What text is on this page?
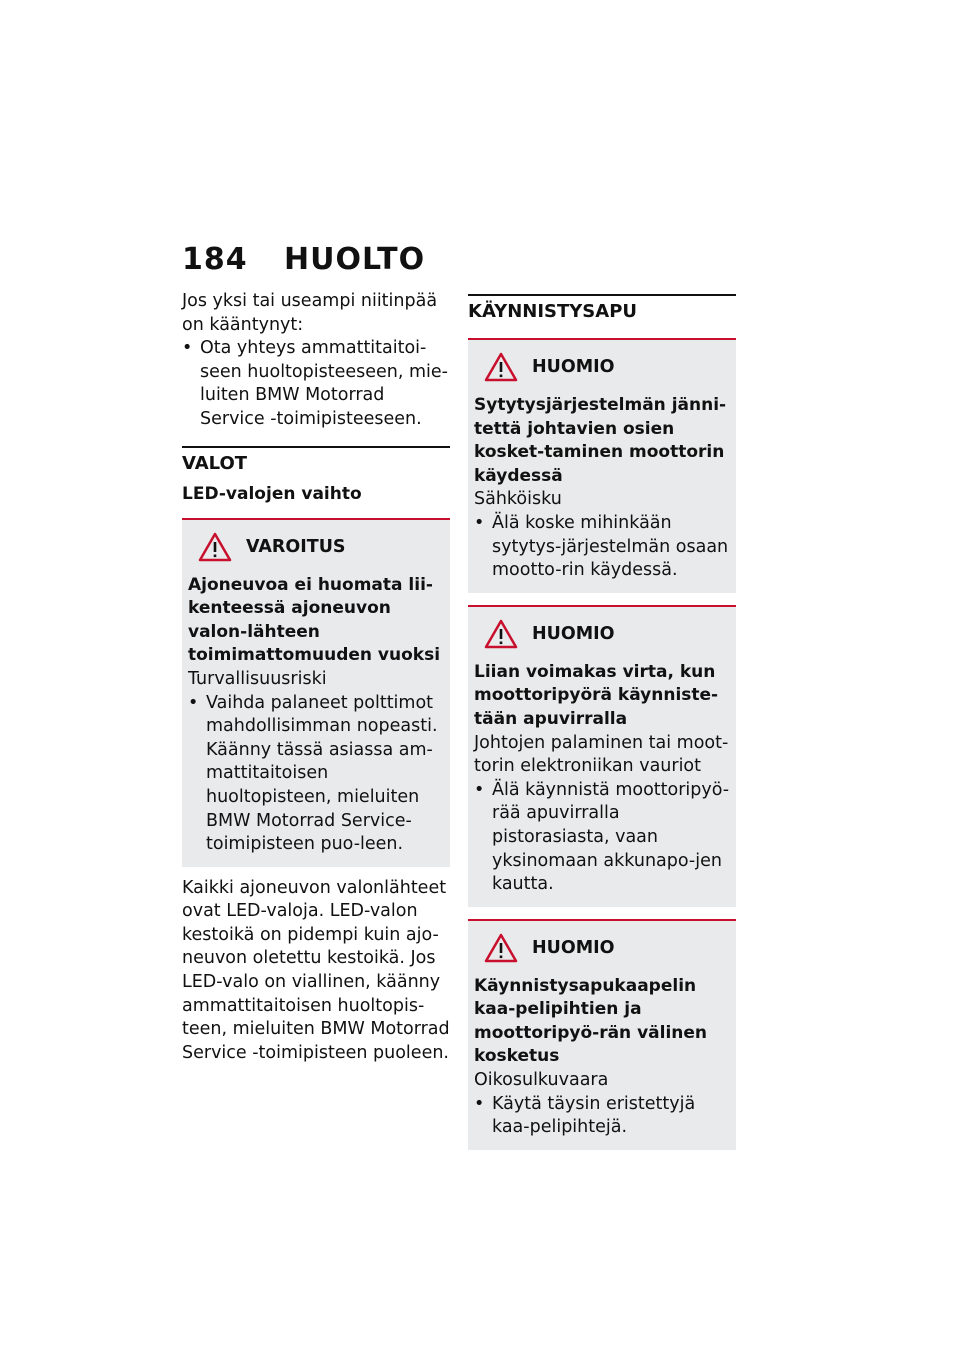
184 HUOLTO

Jos yksi tai useampi niitinpää on kääntynyt:

• Ota yhteys ammattitaitoi-seen huoltopisteeseen, mie-luiten BMW Motorrad Service -toimipisteeseen.
VALOT
LED-valojen vaihto
VAROITUS
Ajoneuvoa ei huomata lii-kenteessä ajoneuvon valon-lähteen toimimattomuuden vuoksi

Turvallisuusriski

• Vaihda palaneet polttimot mahdollisimman nopeasti. Käänny tässä asiassa am-mattitaitoisen huoltopisteen, mieluiten BMW Motorrad Service-toimipisteen puo-leen.

Kaikki ajoneuvon valonlähteet ovat LED-valoja. LED-valon kestoikä on pidempi kuin ajo-neuvon oletettu kestoikä. Jos LED-valo on viallinen, käänny ammattitaitoisen huoltopis-teen, mieluiten BMW Motorrad Service -toimipisteen puoleen.

KÄYNNISTYSAPU
HUOMIO
Sytytysjärjestelmän jänni-tettä johtavien osien kosket-taminen moottorin käydessä

Sähköisku

• Älä koske mihinkään sytytys-järjestelmän osaan mootto-rin käydessä.
HUOMIO
Liian voimakas virta, kun moottoripyörä käynniste-tään apuvirralla

Johtojen palaminen tai moot-torin elektroniikan vauriot

• Älä käynnistä moottoripyö-rää apuvirralla pistorasiasta, vaan yksinomaan akkunapo-jen kautta.
HUOMIO
Käynnistysapukaapelin kaa-pelipihtien ja moottoripyö-rän välinen kosketus

Oikosulkuvaara

• Käytä täysin eristettyjä kaa-pelipihtejä.
